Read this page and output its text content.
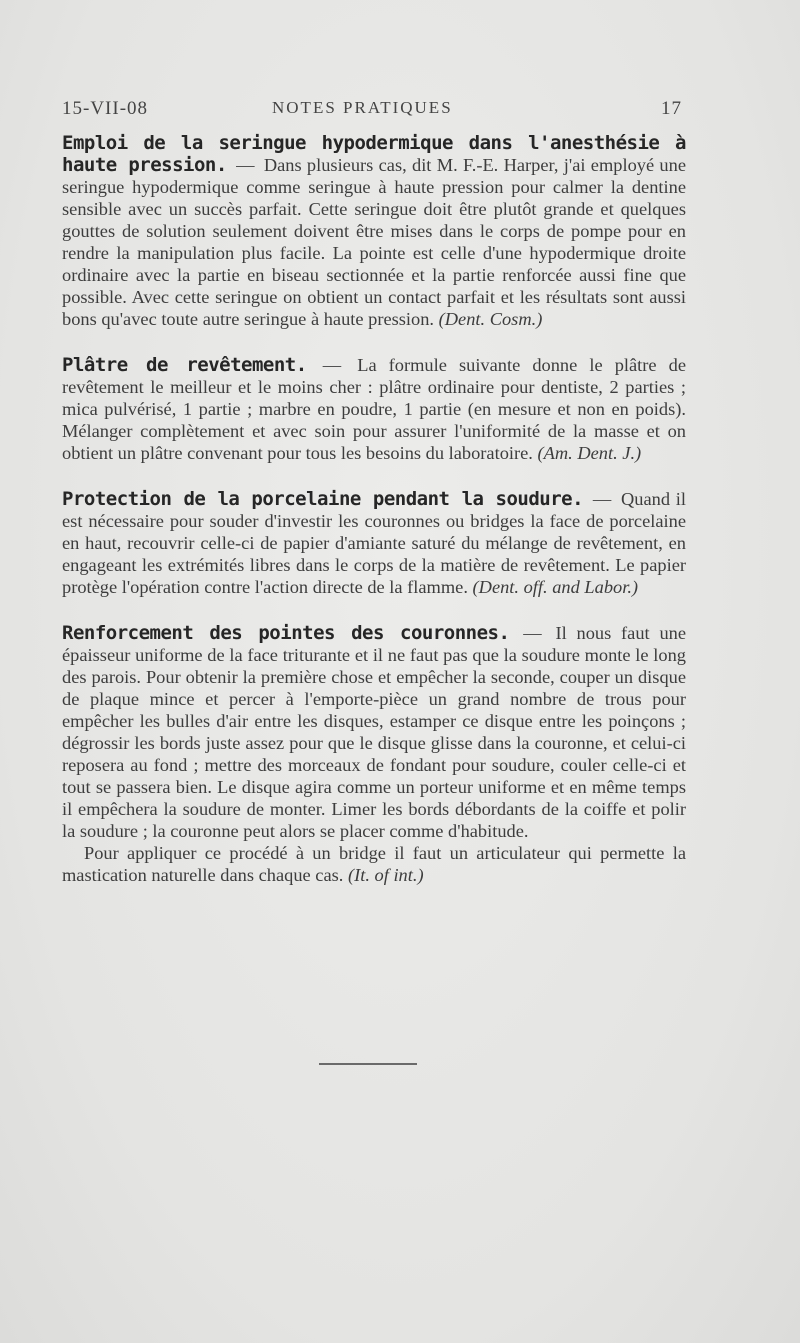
15-VII-08	NOTES PRATIQUES	17

Emploi de la seringue hypodermique dans l'anesthésie à haute pression. — Dans plusieurs cas, dit M. F.-E. Harper, j'ai employé une seringue hypodermique comme seringue à haute pression pour calmer la dentine sensible avec un succès parfait. Cette seringue doit être plutôt grande et quelques gouttes de solution seulement doivent être mises dans le corps de pompe pour en rendre la manipulation plus facile. La pointe est celle d'une hypodermique droite ordinaire avec la partie en biseau sectionnée et la partie renforcée aussi fine que possible. Avec cette seringue on obtient un contact parfait et les résultats sont aussi bons qu'avec toute autre seringue à haute pression. (Dent. Cosm.)

Plâtre de revêtement. — La formule suivante donne le plâtre de revêtement le meilleur et le moins cher : plâtre ordinaire pour dentiste, 2 parties ; mica pulvérisé, 1 partie ; marbre en poudre, 1 partie (en mesure et non en poids). Mélanger complètement et avec soin pour assurer l'uniformité de la masse et on obtient un plâtre convenant pour tous les besoins du laboratoire. (Am. Dent. J.)

Protection de la porcelaine pendant la soudure. — Quand il est nécessaire pour souder d'investir les couronnes ou bridges la face de porcelaine en haut, recouvrir celle-ci de papier d'amiante saturé du mélange de revêtement, en engageant les extrémités libres dans le corps de la matière de revêtement. Le papier protège l'opération contre l'action directe de la flamme. (Dent. off. and Labor.)

Renforcement des pointes des couronnes. — Il nous faut une épaisseur uniforme de la face triturante et il ne faut pas que la soudure monte le long des parois. Pour obtenir la première chose et empêcher la seconde, couper un disque de plaque mince et percer à l'emporte-pièce un grand nombre de trous pour empêcher les bulles d'air entre les disques, estamper ce disque entre les poinçons ; dégrossir les bords juste assez pour que le disque glisse dans la couronne, et celui-ci reposera au fond ; mettre des morceaux de fondant pour soudure, couler celle-ci et tout se passera bien. Le disque agira comme un porteur uniforme et en même temps il empêchera la soudure de monter. Limer les bords débordants de la coiffe et polir la soudure ; la couronne peut alors se placer comme d'habitude.

Pour appliquer ce procédé à un bridge il faut un articulateur qui permette la mastication naturelle dans chaque cas. (It. of int.)
